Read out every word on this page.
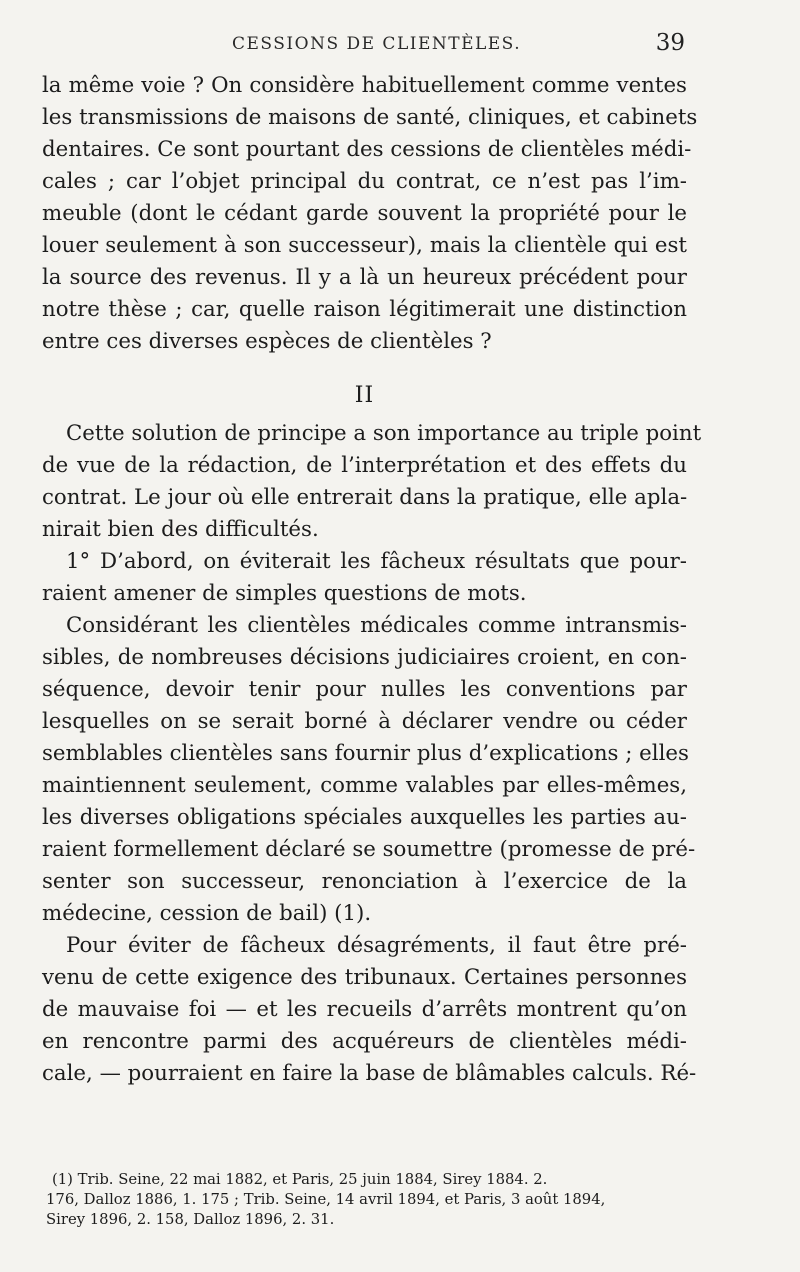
CESSIONS DE CLIENTÈLES.	39
la même voie ? On considère habituellement comme ventes
les transmissions de maisons de santé, cliniques, et cabinets
dentaires. Ce sont pourtant des cessions de clientèles médi-
cales ; car l’objet principal du contrat, ce n’est pas l’im-
meuble (dont le cédant garde souvent la propriété pour le
louer seulement à son successeur), mais la clientèle qui est
la source des revenus. Il y a là un heureux précédent pour
notre thèse ; car, quelle raison légitimerait une distinction
entre ces diverses espèces de clientèles ?
II
Cette solution de principe a son importance au triple point
de vue de la rédaction, de l’interprétation et des effets du
contrat. Le jour où elle entrerait dans la pratique, elle apla-
nirait bien des difficultés.
1° D’abord, on éviterait les fâcheux résultats que pour-
raient amener de simples questions de mots.
Considérant les clientèles médicales comme intransmis-
sibles, de nombreuses décisions judiciaires croient, en con-
séquence, devoir tenir pour nulles les conventions par
lesquelles on se serait borné à déclarer vendre ou céder
semblables clientèles sans fournir plus d’explications ; elles
maintiennent seulement, comme valables par elles-mêmes,
les diverses obligations spéciales auxquelles les parties au-
raient formellement déclaré se soumettre (promesse de pré-
senter son successeur, renonciation à l’exercice de la
médecine, cession de bail) (1).
Pour éviter de fâcheux désagréments, il faut être pré-
venu de cette exigence des tribunaux. Certaines personnes
de mauvaise foi — et les recueils d’arrêts montrent qu’on
en rencontre parmi des acquéreurs de clientèles médi-
cale, — pourraient en faire la base de blâmables calculs. Ré-
(1) Trib. Seine, 22 mai 1882, et Paris, 25 juin 1884, Sirey 1884. 2.
176, Dalloz 1886, 1. 175 ; Trib. Seine, 14 avril 1894, et Paris, 3 août 1894,
Sirey 1896, 2. 158, Dalloz 1896, 2. 31.
